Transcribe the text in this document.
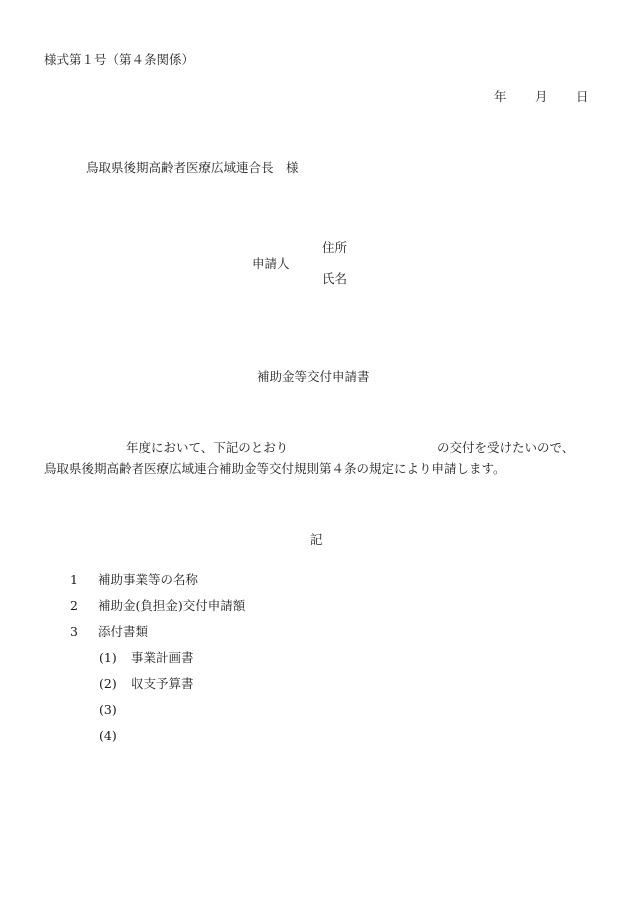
様式第１号（第４条関係）
年 月 日
鳥取県後期高齢者医療広域連合長　様
住所
申請人
氏名
補助金等交付申請書
年度において、下記のとおり	の交付を受けたいので、
鳥取県後期高齢者医療広域連合補助金等交付規則第４条の規定により申請します。
記
1 補助事業等の名称
2 補助金(負担金)交付申請額
3 添付書類
(1) 事業計画書
(2) 収支予算書
(3)
(4)
